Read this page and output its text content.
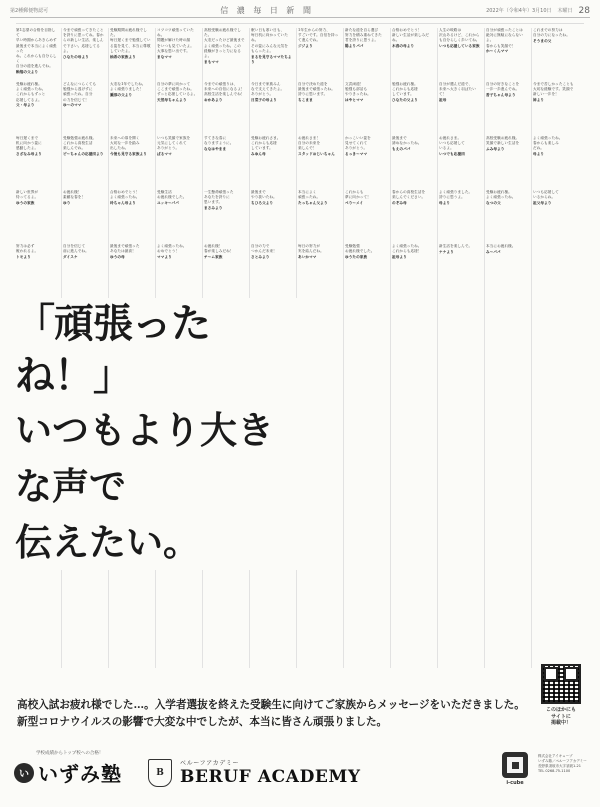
第2種郵便物認可	信 濃 毎 日 新 聞	2022年（令和4年）3月10日 木曜日 28

第1志望の合格を目指して

早い時期からあきらめず

最後まで本当によく頑張った

ね。これからも自分らしく

自分の道を進んでね。

釉翔の父より

今まで頑張ってきたこと

を誇りに思ってね。春か

らの新しい生活、楽しん

で下さい。応援してるよ。

ひなたの母より

受験期間お疲れ様でした。

毎日遅くまで勉強してい

る姿を見て、本当に尊敬

していたよ。

柚希の家族より

コツコツ頑張っていたね。

問題が解けた時の顔

をいつも見ていたよ。

大事な思い出です。

まなママ

高校受験お疲れ様でした。

大変だったけど最後まで

よく頑張ったね。この

経験がきっと力になるよ。

まもママ

眠い日も寒い日も、

毎日机に向かっていたね。

その姿にみんな元気を

もらったよ。

まるを見守るママたちより

1年生からの努力、

すごいです。自信を持っ

て進んでね。

ジジより

新たな道を自ら選び

努力を積み重ねてきた

君を誇りに思うよ。

陽よりパパ

合格おめでとう！

新しい生活が楽しみだね。

木春の母より

人生の岐路は

沢山あるけど、これから

も自分らしく歩いてね。

いつも応援している家族

自分が頑張ったことは

絶対に無駄にならないよ。

春からも笑顔で！

かーくんママ

これまでの努力は

自分の力になったね。

そうまの父

受験お疲れ様。

よく頑張ったね。

これからもずっと

応援してるよ。

父・母より

どんなにつらくても

勉強から逃げずに

頑張ったね。自分

の力を信じて！

ゆーのママ

大変な1年でしたね。

よく頑張りました！

瀬那の父より

自分の夢に向かって

ここまで頑張ったね。

ずっと応援しているよ。

天然母ちゃんより

今までの頑張りは、

未来への自信になるよ！

高校生活を楽しんでね！

おかあより

今日まで家族みん

なで支えてきたよ。

ありがとう。

日菜子の母より

自分で決めた道を

最後まで頑張ったね。

誇りに思います。

ちこまま

文武両道！

勉強も部活も

やりきったね。

はやとママ

勉強お疲れ様。

これからも応援

しています。

ひなたの父より

自分が選んだ道で、

未来へ大きく羽ばたいて！

祖母

自分の好きなことを

一歩一歩進んでね。

香子ちゃん母より

今まで苦しかったことも

大切な経験です。笑顔で

新しい一歩を！

姉より

毎日遅くまで

机に向かう姿に

感動したよ。

さざなみ母より

受験勉強お疲れ様。

これから高校生活

楽しんでね。

ピーちゃんの応援団より

未来への扉を開く

大切な一歩を踏み

出したね。

今後も見守る家族より

いつも笑顔で家族を

元気にしてくれて

ありがとう。

ぱるママ

すてきな春に

なりますように。

ななはやまま

受験お疲れさま。

これからも応援

しています。

みゆん母

お疲れさま！

自分の未来を

楽しんで！

スタッドおじいちゃん

かっこいい姿を

見せてくれて

ありがとう。

るっきーママ

最後まで

諦めなかったね。

もえのパパ

お疲れさま。

いつも応援して

いるよ。

いつでも応援団

高校受験お疲れ様。

笑顔で新しい生活を

ふみ母より

よく頑張ったね。

春からも楽しみ

だね。

母より

新しい世界が

待ってるよ。

ゆうの家族

お疲れ様！

素敵な春を！

ゆり

合格おめでとう！

よく頑張ったね。

玲ちゃん母より

受験生活

お疲れ様でした。

ユッキーパパ

一生懸命頑張った

あなたを誇りに

思います。

まさみより

最後まで

やり抜いたね。

ちひろ父より

本当によく

頑張ったね。

たっちゃん父より

これからも

夢に向かって！

ぺりーメイ

春からの高校生活を

楽しんでください。

のぞみ母

よく頑張りました。

誇りに思うよ。

母より

受験お疲れ様。

よく頑張ったね。

なつの父

いつも応援して

いるからね。

祖父母より

努力は必ず

報われるよ。

トモより

自分を信じて

前に進んでね。

ダイスケ

最後まで頑張った

あなたは最高！

ゆうの母

よく頑張ったね。

おめでとう！

ママより

お疲れ様！

春が楽しみだね！

チーム家族

自分の力で

つかんだ未来！

さとみより

毎日の努力が

実を結んだね。

あいかママ

受験勉強

お疲れ様でした。

ゆうたの家族

よく頑張ったね。

これからも応援！

祖母より

新生活を楽しんで。

ナナより

本当にお疲れ様。

みーパパ

「頑張ったね！」
いつもより大きな声で
伝えたい。
高校入試お疲れ様でした…。入学者選抜を終えた受験生に向けてご家族からメッセージをいただきました。
新型コロナウイルスの影響で大変な中でしたが、本当に皆さん頑張りました。
このほかにも
サイトに
掲載中！
学校成績からトップ校への合格！
い いずみ塾	B
ベルーフアカデミー
BERUF ACADEMY	i-cube
株式会社アイキューブ
いずみ塾／ベルーフアカデミー
長野県須坂市大字須坂1-21
TEL 0268-75-1100
